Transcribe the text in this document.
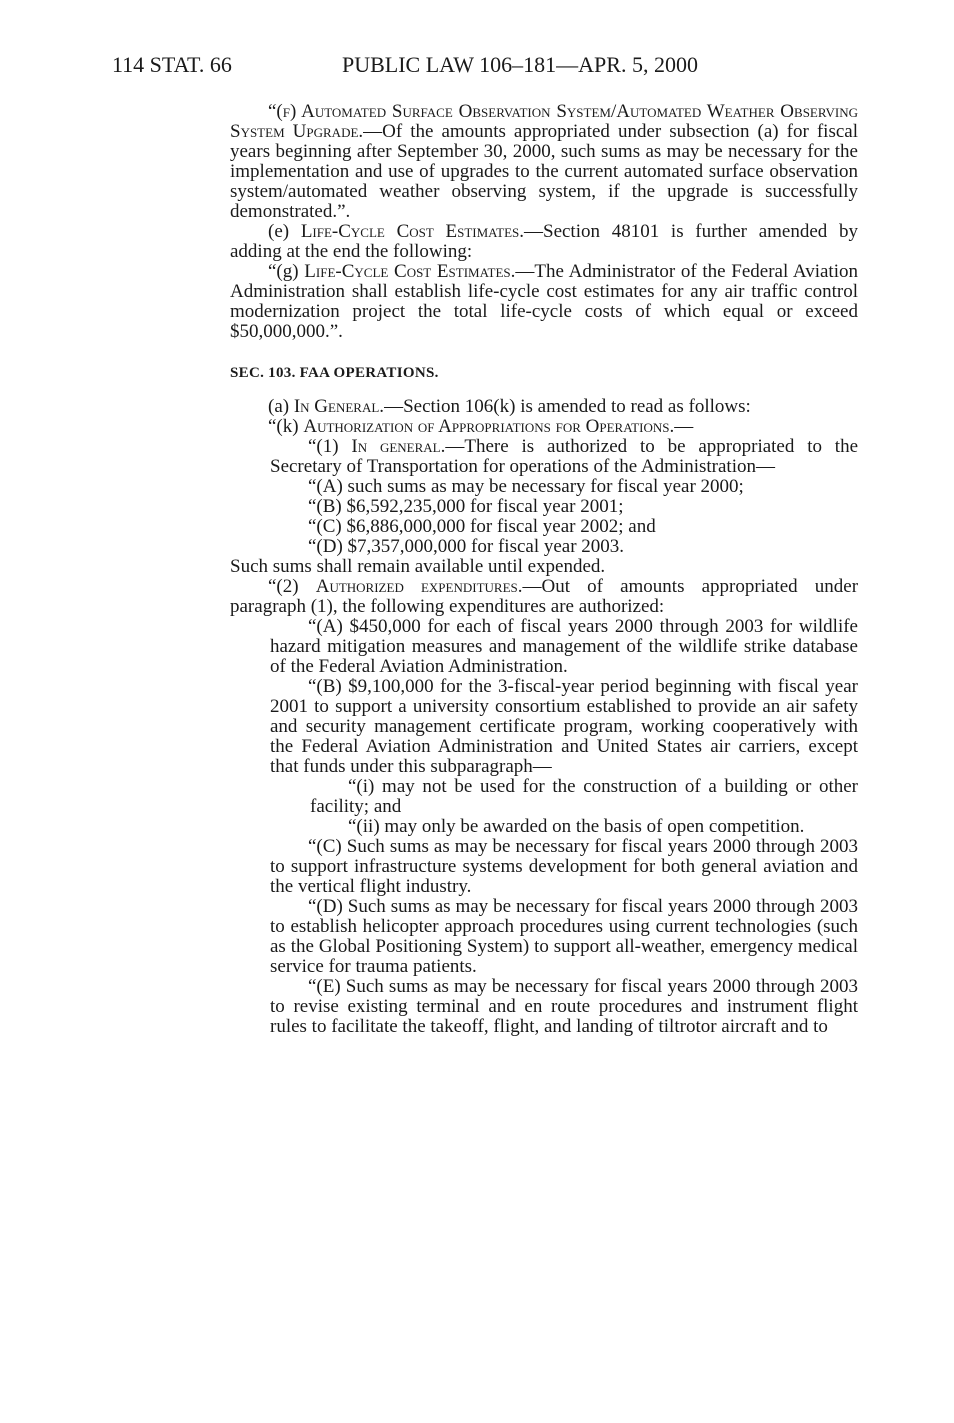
114 STAT. 66	PUBLIC LAW 106–181—APR. 5, 2000

“(f) Automated Surface Observation System/Automated Weather Observing System Upgrade.—Of the amounts appropriated under subsection (a) for fiscal years beginning after September 30, 2000, such sums as may be necessary for the implementation and use of upgrades to the current automated surface observation system/automated weather observing system, if the upgrade is successfully demonstrated.”.

(e) Life-Cycle Cost Estimates.—Section 48101 is further amended by adding at the end the following:

“(g) Life-Cycle Cost Estimates.—The Administrator of the Federal Aviation Administration shall establish life-cycle cost estimates for any air traffic control modernization project the total life-cycle costs of which equal or exceed $50,000,000.”.

SEC. 103. FAA OPERATIONS.

(a) In General.—Section 106(k) is amended to read as follows:

“(k) Authorization of Appropriations for Operations.—

“(1) In general.—There is authorized to be appropriated to the Secretary of Transportation for operations of the Administration—

“(A) such sums as may be necessary for fiscal year 2000;

“(B) $6,592,235,000 for fiscal year 2001;

“(C) $6,886,000,000 for fiscal year 2002; and

“(D) $7,357,000,000 for fiscal year 2003.

Such sums shall remain available until expended.

“(2) Authorized expenditures.—Out of amounts appropriated under paragraph (1), the following expenditures are authorized:

“(A) $450,000 for each of fiscal years 2000 through 2003 for wildlife hazard mitigation measures and management of the wildlife strike database of the Federal Aviation Administration.

“(B) $9,100,000 for the 3-fiscal-year period beginning with fiscal year 2001 to support a university consortium established to provide an air safety and security management certificate program, working cooperatively with the Federal Aviation Administration and United States air carriers, except that funds under this subparagraph—

“(i) may not be used for the construction of a building or other facility; and

“(ii) may only be awarded on the basis of open competition.

“(C) Such sums as may be necessary for fiscal years 2000 through 2003 to support infrastructure systems development for both general aviation and the vertical flight industry.

“(D) Such sums as may be necessary for fiscal years 2000 through 2003 to establish helicopter approach procedures using current technologies (such as the Global Positioning System) to support all-weather, emergency medical service for trauma patients.

“(E) Such sums as may be necessary for fiscal years 2000 through 2003 to revise existing terminal and en route procedures and instrument flight rules to facilitate the takeoff, flight, and landing of tiltrotor aircraft and to
